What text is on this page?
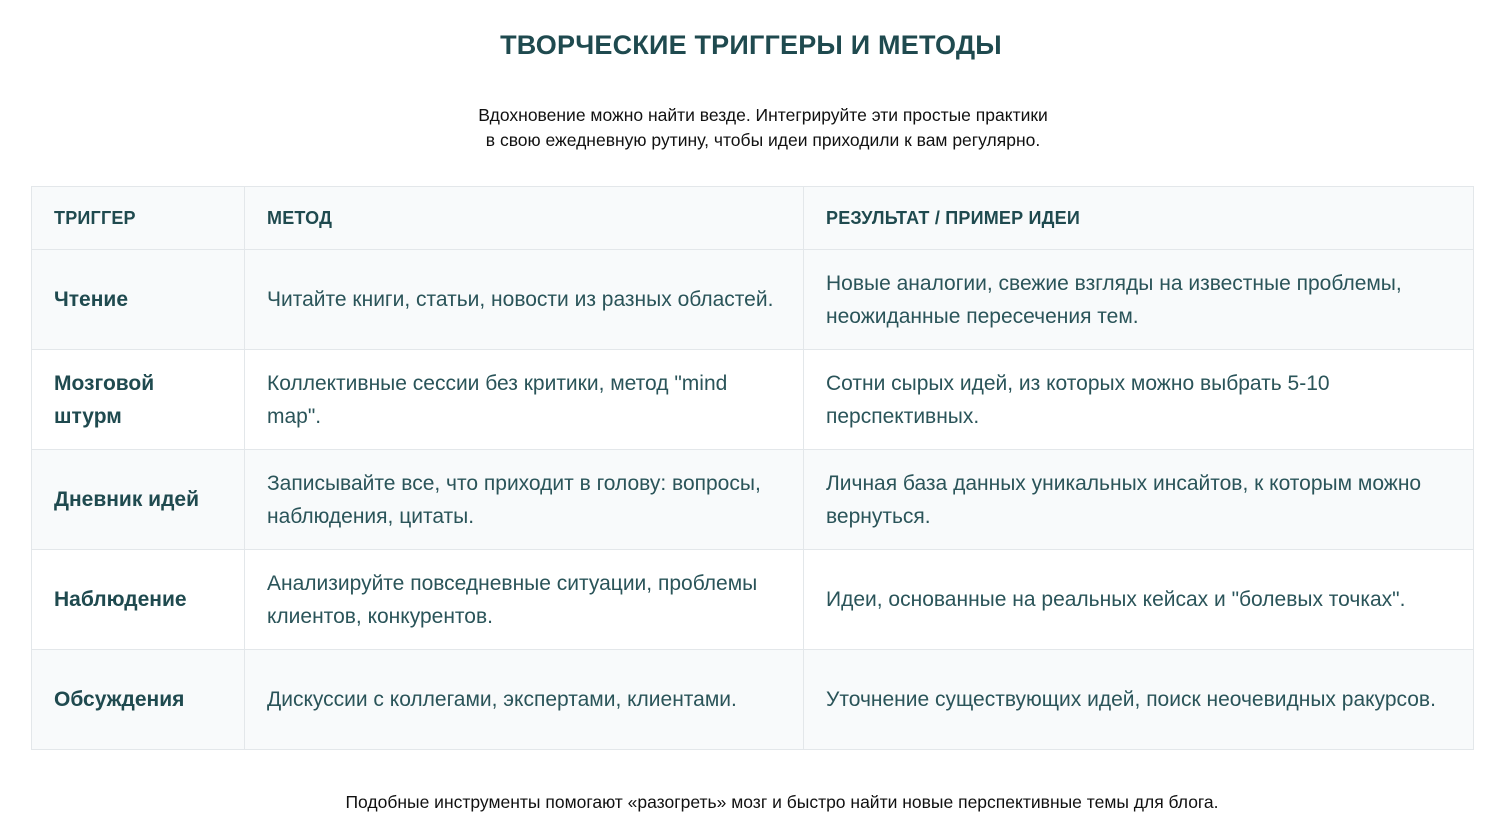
ТВОРЧЕСКИЕ ТРИГГЕРЫ И МЕТОДЫ

Вдохновение можно найти везде. Интегрируйте эти простые практики
в свою ежедневную рутину, чтобы идеи приходили к вам регулярно.

ТРИГГЕР	МЕТОД	РЕЗУЛЬТАТ / ПРИМЕР ИДЕИ
Чтение	Читайте книги, статьи, новости из разных областей.	Новые аналогии, свежие взгляды на известные проблемы, неожиданные пересечения тем.
Мозговой штурм	Коллективные сессии без критики, метод "mind map".	Сотни сырых идей, из которых можно выбрать 5-10 перспективных.
Дневник идей	Записывайте все, что приходит в голову: вопросы, наблюдения, цитаты.	Личная база данных уникальных инсайтов, к которым можно вернуться.
Наблюдение	Анализируйте повседневные ситуации, проблемы клиентов, конкурентов.	Идеи, основанные на реальных кейсах и "болевых точках".
Обсуждения	Дискуссии с коллегами, экспертами, клиентами.	Уточнение существующих идей, поиск неочевидных ракурсов.

Подобные инструменты помогают «разогреть» мозг и быстро найти новые перспективные темы для блога.
